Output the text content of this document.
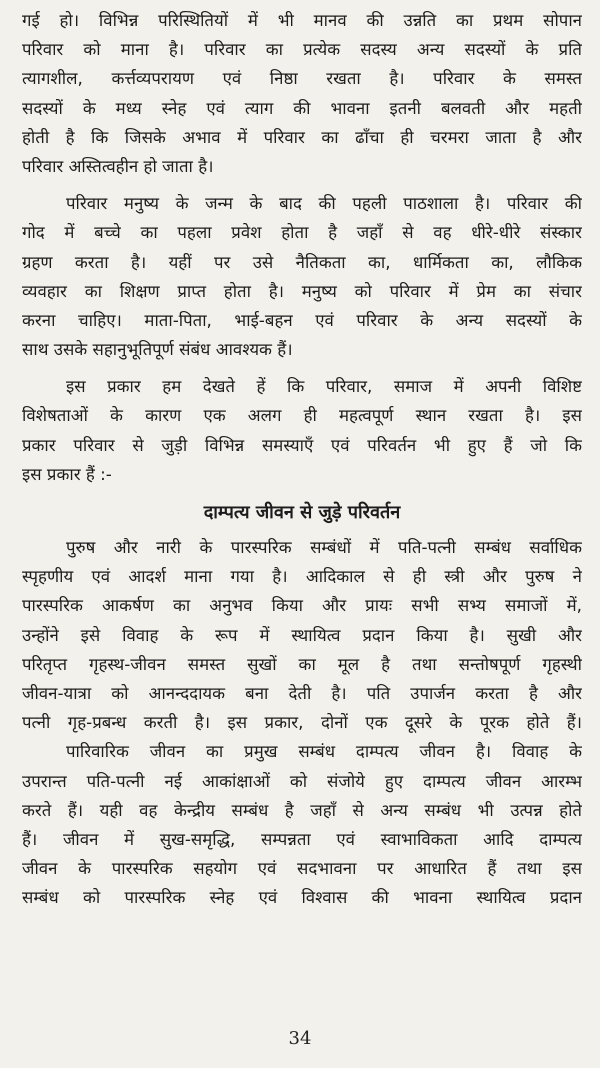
गई हो। विभिन्न परिस्थितियों में भी मानव की उन्नति का प्रथम सोपान
परिवार को माना है। परिवार का प्रत्येक सदस्य अन्य सदस्यों के प्रति
त्यागशील, कर्त्तव्यपरायण एवं निष्ठा रखता है। परिवार के समस्त
सदस्यों के मध्य स्नेह एवं त्याग की भावना इतनी बलवती और महती
होती है कि जिसके अभाव में परिवार का ढाँचा ही चरमरा जाता है और
परिवार अस्तित्वहीन हो जाता है।
परिवार मनुष्य के जन्म के बाद की पहली पाठशाला है। परिवार की
गोद में बच्चे का पहला प्रवेश होता है जहाँ से वह धीरे-धीरे संस्कार
ग्रहण करता है। यहीं पर उसे नैतिकता का, धार्मिकता का, लौकिक
व्यवहार का शिक्षण प्राप्त होता है। मनुष्य को परिवार में प्रेम का संचार
करना चाहिए। माता-पिता, भाई-बहन एवं परिवार के अन्य सदस्यों के
साथ उसके सहानुभूतिपूर्ण संबंध आवश्यक हैं।
इस प्रकार हम देखते हें कि परिवार, समाज में अपनी विशिष्ट
विशेषताओं के कारण एक अलग ही महत्वपूर्ण स्थान रखता है। इस
प्रकार परिवार से जुड़ी विभिन्न समस्याएँ एवं परिवर्तन भी हुए हैं जो कि
इस प्रकार हैं :-
दाम्पत्य जीवन से जुड़े परिवर्तन
पुरुष और नारी के पारस्परिक सम्बंधों में पति-पत्नी सम्बंध सर्वाधिक
स्पृहणीय एवं आदर्श माना गया है। आदिकाल से ही स्त्री और पुरुष ने
पारस्परिक आकर्षण का अनुभव किया और प्रायः सभी सभ्य समाजों में,
उन्होंने इसे विवाह के रूप में स्थायित्व प्रदान किया है। सुखी और
परितृप्त गृहस्थ-जीवन समस्त सुखों का मूल है तथा सन्तोषपूर्ण गृहस्थी
जीवन-यात्रा को आनन्ददायक बना देती है। पति उपार्जन करता है और
पत्नी गृह-प्रबन्ध करती है। इस प्रकार, दोनों एक दूसरे के पूरक होते हैं।
पारिवारिक जीवन का प्रमुख सम्बंध दाम्पत्य जीवन है। विवाह के
उपरान्त पति-पत्नी नई आकांक्षाओं को संजोये हुए दाम्पत्य जीवन आरम्भ
करते हैं। यही वह केन्द्रीय सम्बंध है जहाँ से अन्य सम्बंध भी उत्पन्न होते
हैं। जीवन में सुख-समृद्धि, सम्पन्नता एवं स्वाभाविकता आदि दाम्पत्य
जीवन के पारस्परिक सहयोग एवं सदभावना पर आधारित हैं तथा इस
सम्बंध को पारस्परिक स्नेह एवं विश्वास की भावना स्थायित्व प्रदान
34
